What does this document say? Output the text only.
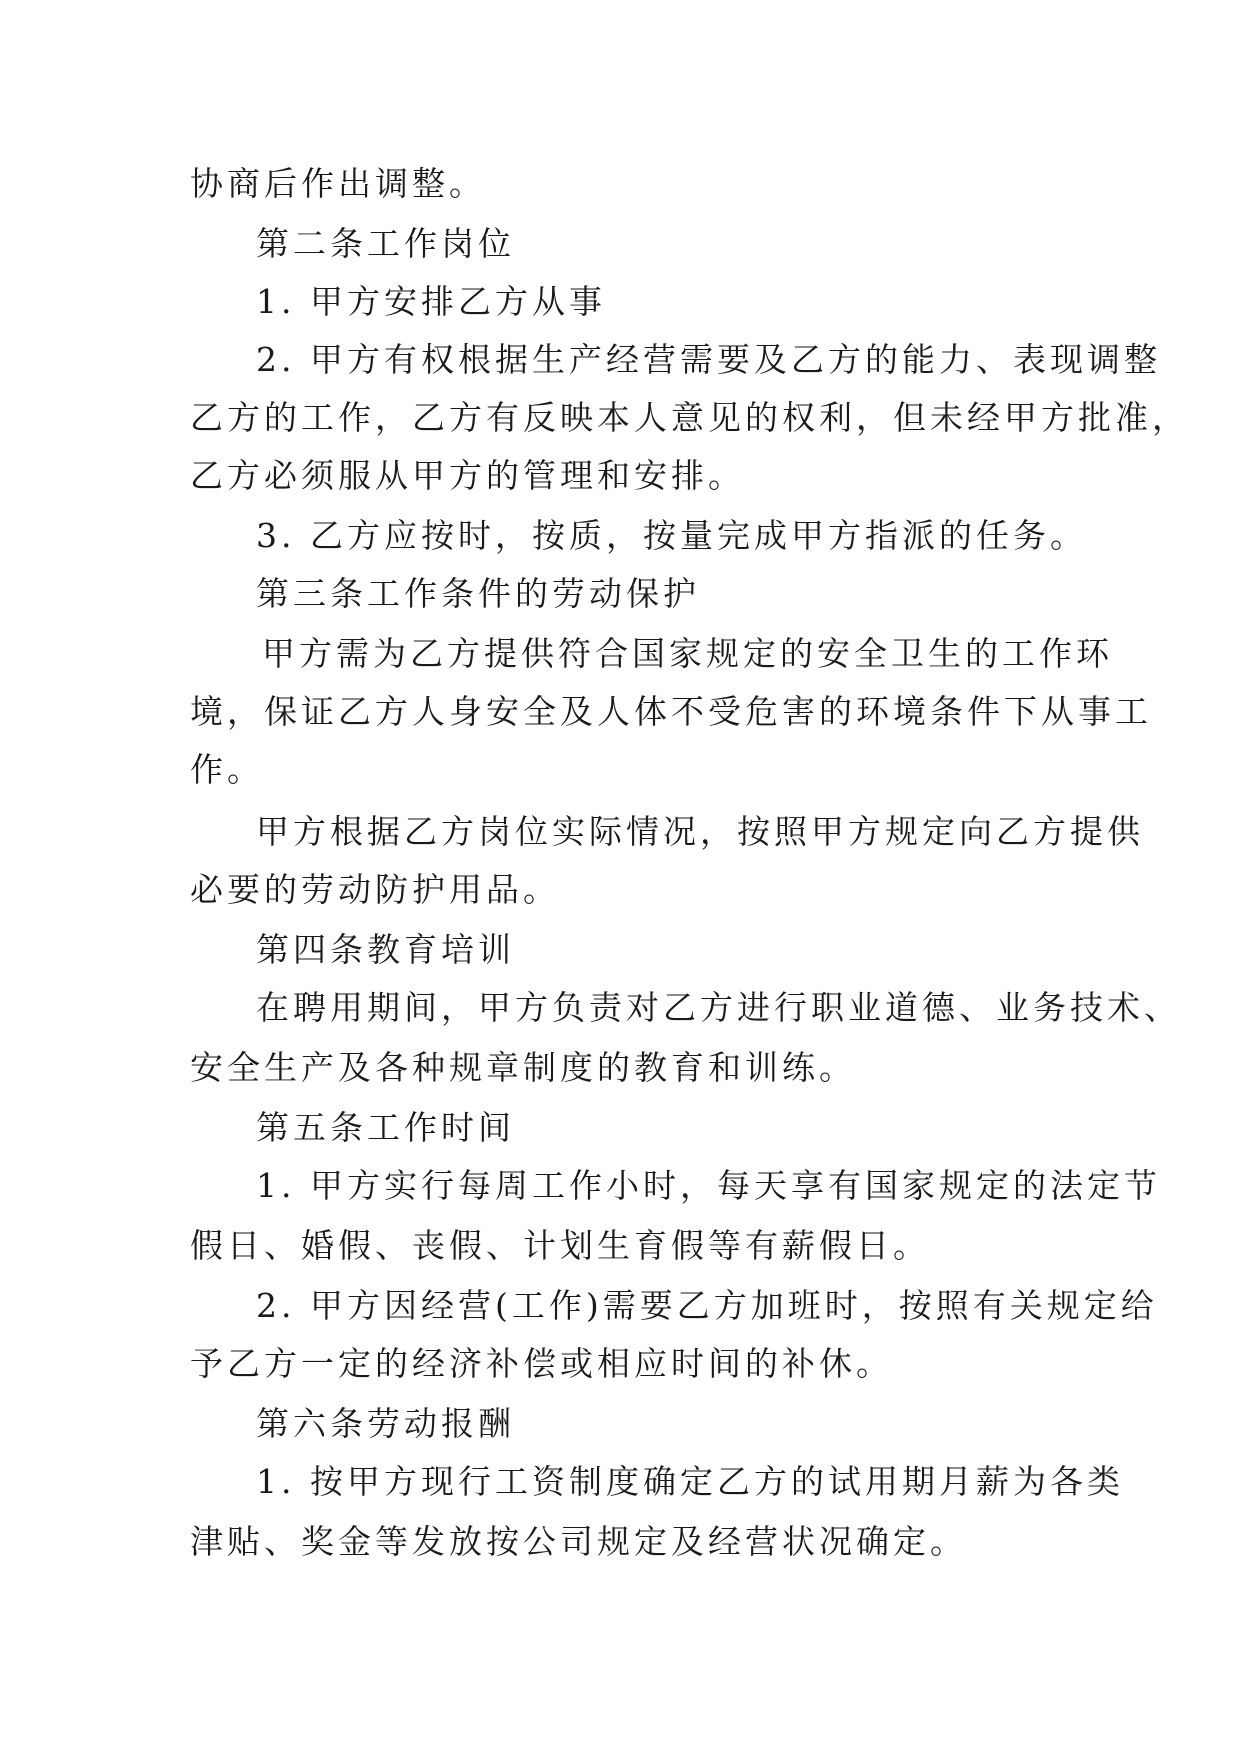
协商后作出调整。
第二条工作岗位
1. 甲方安排乙方从事
2. 甲方有权根据生产经营需要及乙方的能力、表现调整
乙方的工作，乙方有反映本人意见的权利，但未经甲方批准，
乙方必须服从甲方的管理和安排。
3. 乙方应按时，按质，按量完成甲方指派的任务。
第三条工作条件的劳动保护
甲方需为乙方提供符合国家规定的安全卫生的工作环
境，保证乙方人身安全及人体不受危害的环境条件下从事工
作。
甲方根据乙方岗位实际情况，按照甲方规定向乙方提供
必要的劳动防护用品。
第四条教育培训
在聘用期间，甲方负责对乙方进行职业道德、业务技术、
安全生产及各种规章制度的教育和训练。
第五条工作时间
1. 甲方实行每周工作小时，每天享有国家规定的法定节
假日、婚假、丧假、计划生育假等有薪假日。
2. 甲方因经营(工作)需要乙方加班时，按照有关规定给
予乙方一定的经济补偿或相应时间的补休。
第六条劳动报酬
1. 按甲方现行工资制度确定乙方的试用期月薪为各类
津贴、奖金等发放按公司规定及经营状况确定。
